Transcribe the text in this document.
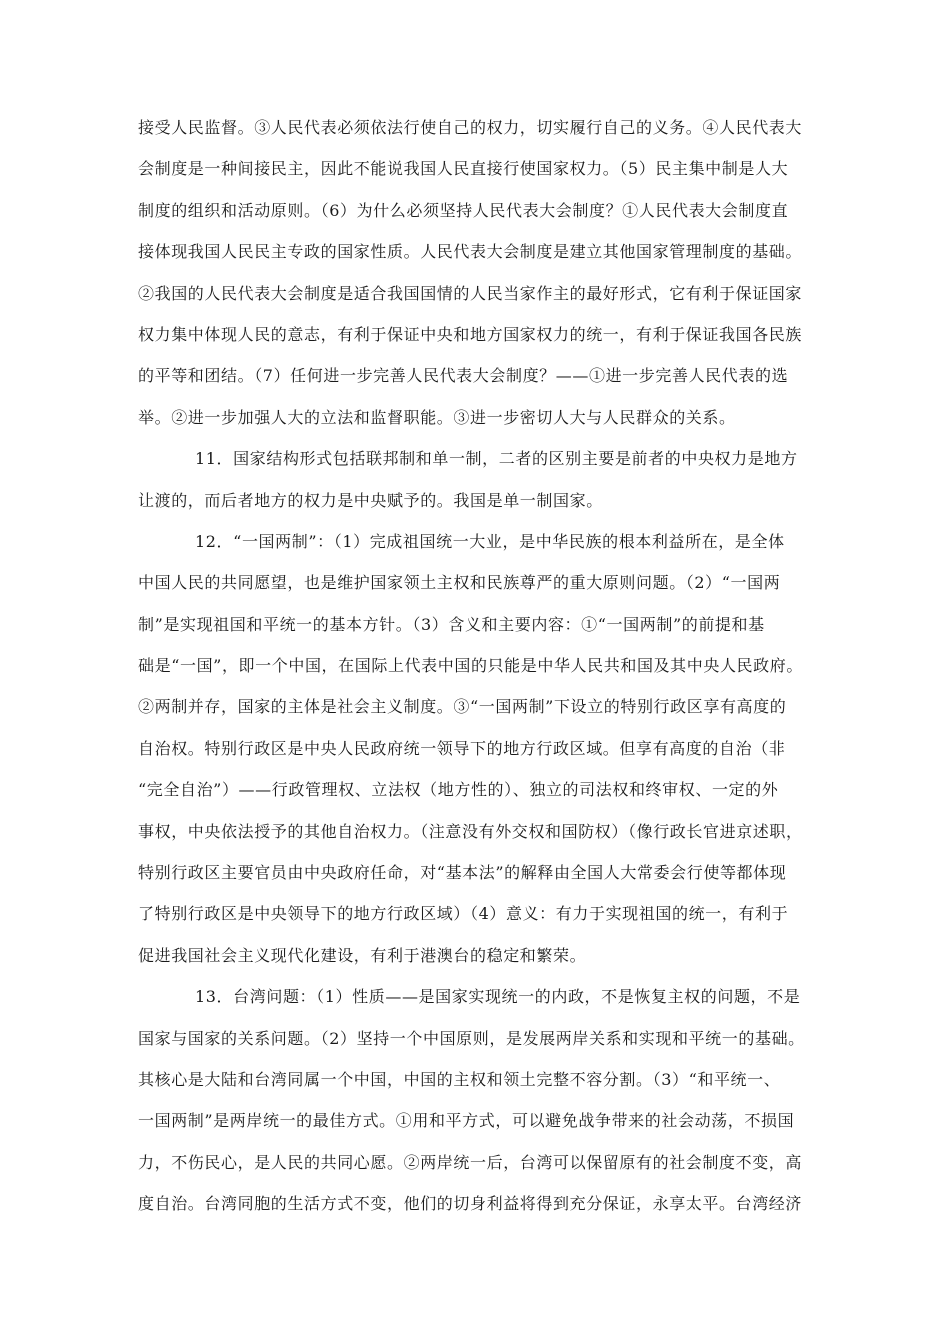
接受人民监督。③人民代表必须依法行使自己的权力，切实履行自己的义务。④人民代表大
会制度是一种间接民主，因此不能说我国人民直接行使国家权力。（5）民主集中制是人大
制度的组织和活动原则。（6）为什么必须坚持人民代表大会制度？①人民代表大会制度直
接体现我国人民民主专政的国家性质。人民代表大会制度是建立其他国家管理制度的基础。
②我国的人民代表大会制度是适合我国国情的人民当家作主的最好形式，它有利于保证国家
权力集中体现人民的意志，有利于保证中央和地方国家权力的统一，有利于保证我国各民族
的平等和团结。（7）任何进一步完善人民代表大会制度？——①进一步完善人民代表的选
举。②进一步加强人大的立法和监督职能。③进一步密切人大与人民群众的关系。
11．国家结构形式包括联邦制和单一制，二者的区别主要是前者的中央权力是地方
让渡的，而后者地方的权力是中央赋予的。我国是单一制国家。
12．“一国两制”：（1）完成祖国统一大业，是中华民族的根本利益所在，是全体
中国人民的共同愿望，也是维护国家领土主权和民族尊严的重大原则问题。（2）“一国两
制”是实现祖国和平统一的基本方针。（3）含义和主要内容：①“一国两制”的前提和基
础是“一国”，即一个中国，在国际上代表中国的只能是中华人民共和国及其中央人民政府。
②两制并存，国家的主体是社会主义制度。③“一国两制”下设立的特别行政区享有高度的
自治权。特别行政区是中央人民政府统一领导下的地方行政区域。但享有高度的自治（非
“完全自治”）——行政管理权、立法权（地方性的）、独立的司法权和终审权、一定的外
事权，中央依法授予的其他自治权力。（注意没有外交权和国防权）（像行政长官进京述职，
特别行政区主要官员由中央政府任命，对“基本法”的解释由全国人大常委会行使等都体现
了特别行政区是中央领导下的地方行政区域）（4）意义：有力于实现祖国的统一，有利于
促进我国社会主义现代化建设，有利于港澳台的稳定和繁荣。
13．台湾问题：（1）性质——是国家实现统一的内政，不是恢复主权的问题，不是
国家与国家的关系问题。（2）坚持一个中国原则，是发展两岸关系和实现和平统一的基础。
其核心是大陆和台湾同属一个中国，中国的主权和领土完整不容分割。（3）“和平统一、
一国两制”是两岸统一的最佳方式。①用和平方式，可以避免战争带来的社会动荡，不损国
力，不伤民心，是人民的共同心愿。②两岸统一后，台湾可以保留原有的社会制度不变，高
度自治。台湾同胞的生活方式不变，他们的切身利益将得到充分保证，永享太平。台湾经济
